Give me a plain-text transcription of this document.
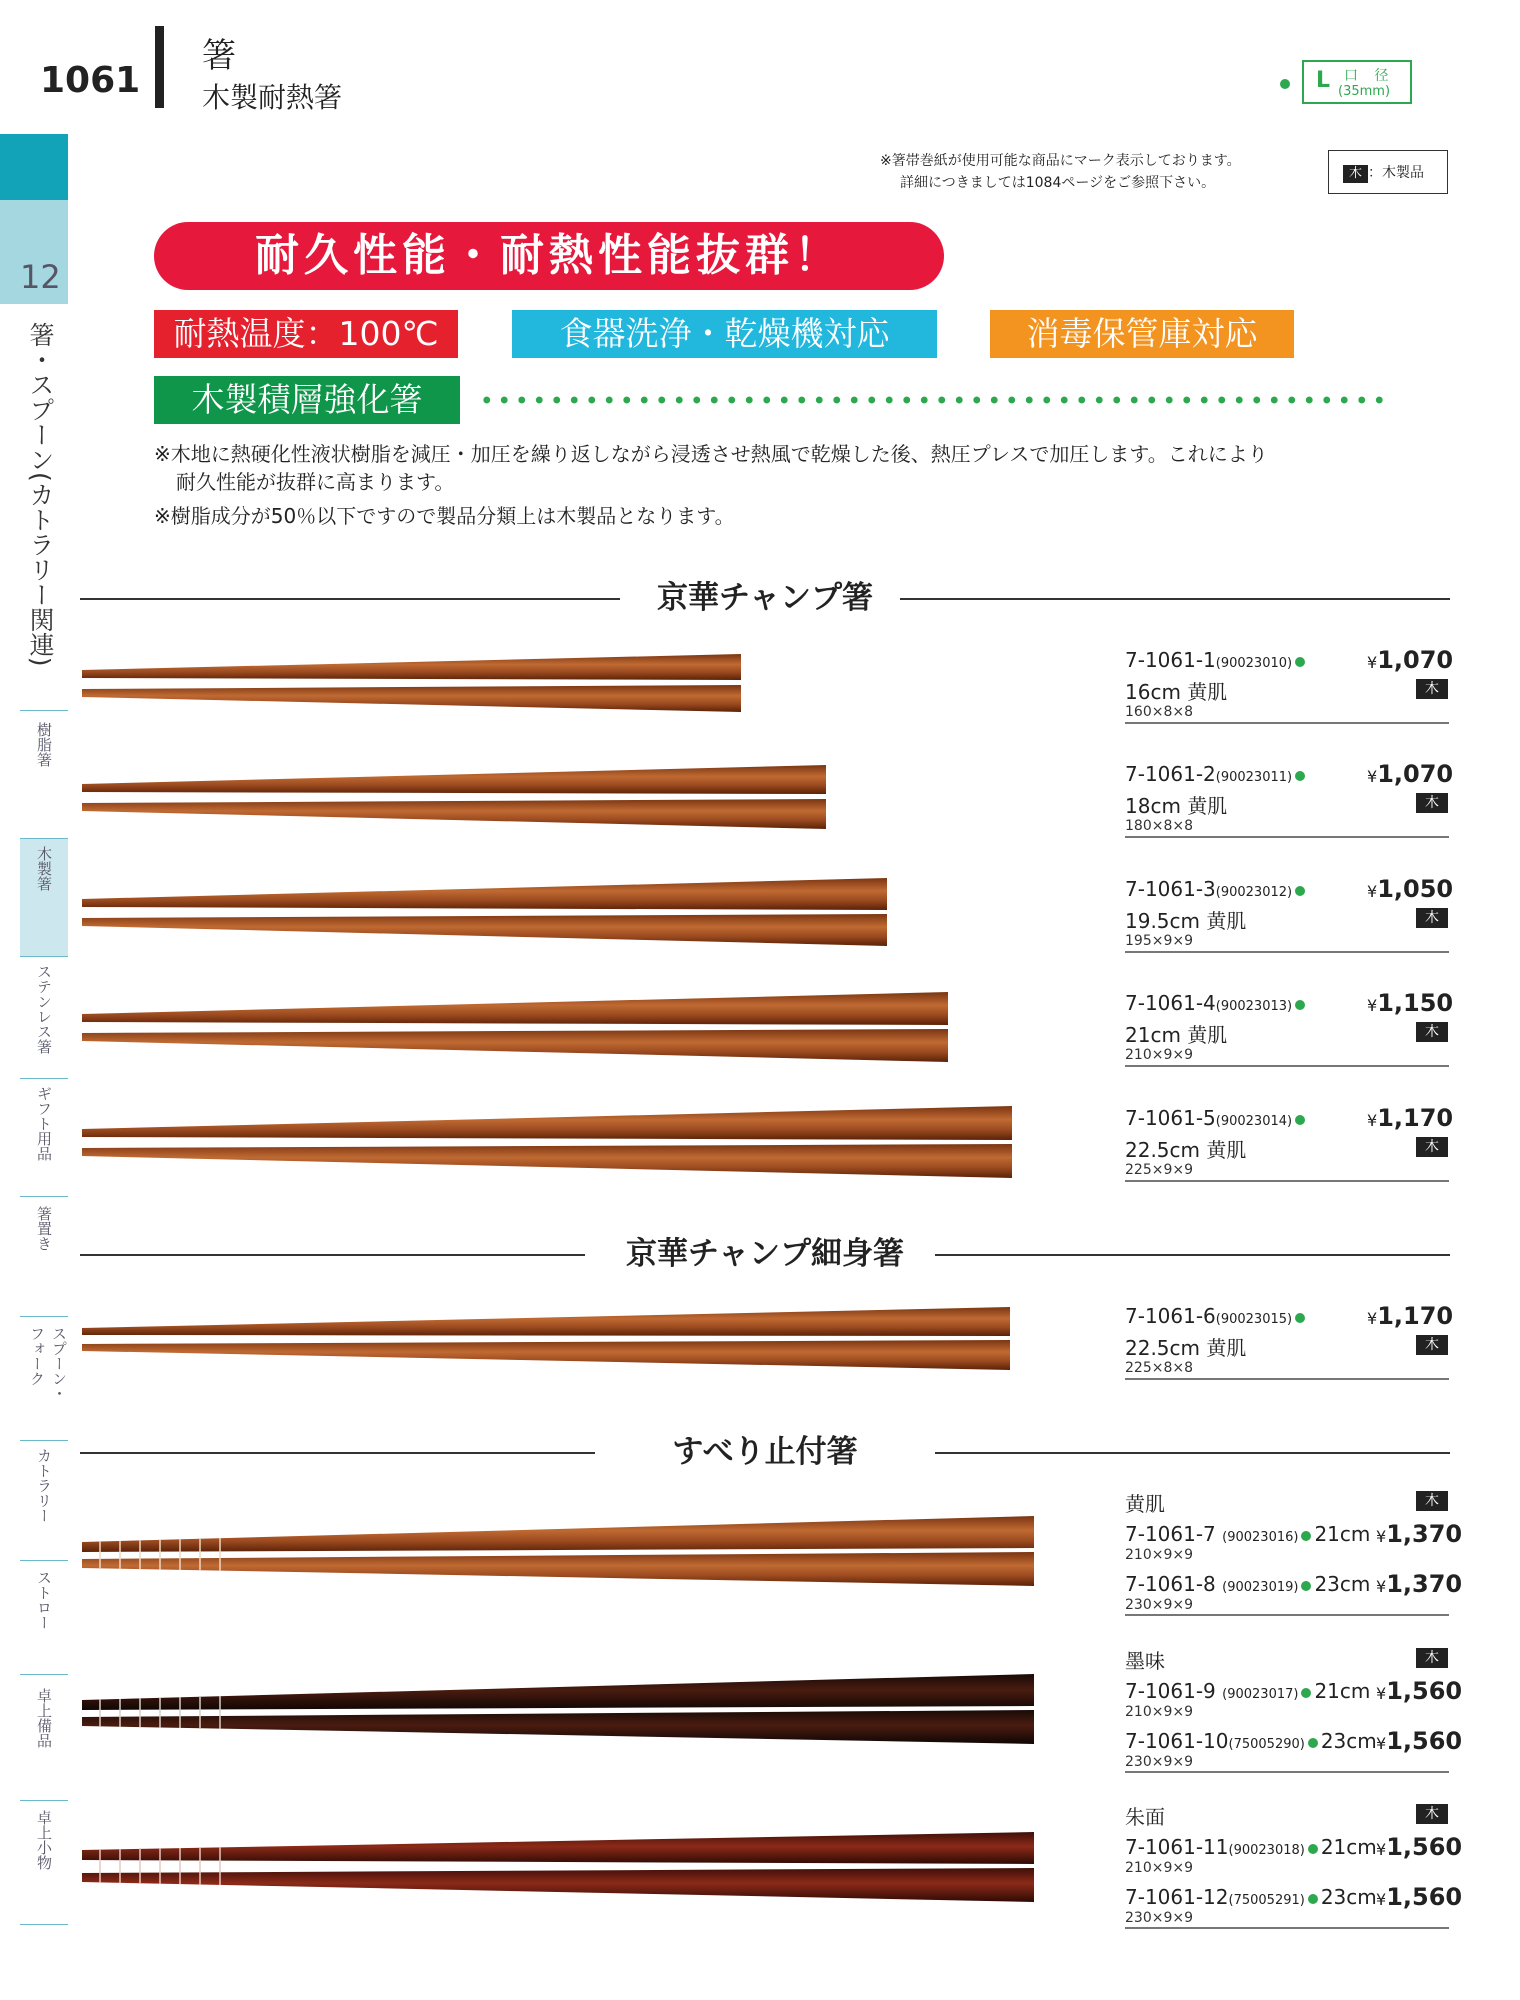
1061
箸
木製耐熱箸
L 口 径
(35mm)
※箸帯巻紙が使用可能な商品にマーク表示しております。
詳細につきましては1084ページをご参照下さい。
木 ：木製品
12
箸・スプーン(カトラリー関連)
樹脂箸
木製箸
ステンレス箸
ギフト用品
箸置き
スプーン・フォーク
カトラリー
ストロー
卓上備品
卓上小物
耐久性能・耐熱性能抜群！
耐熱温度：100℃	食器洗浄・乾燥機対応	消毒保管庫対応
木製積層強化箸
※木地に熱硬化性液状樹脂を減圧・加圧を繰り返しながら浸透させ熱風で乾燥した後、熱圧プレスで加圧します。これにより
耐久性能が抜群に高まります。
※樹脂成分が50％以下ですので製品分類上は木製品となります。
京華チャンプ箸
7-1061-1(90023010)	¥1,070
16cm 黄肌	木
160×8×8
7-1061-2(90023011)	¥1,070
18cm 黄肌	木
180×8×8
7-1061-3(90023012)	¥1,050
19.5cm 黄肌	木
195×9×9
7-1061-4(90023013)	¥1,150
21cm 黄肌	木
210×9×9
7-1061-5(90023014)	¥1,170
22.5cm 黄肌	木
225×9×9
京華チャンプ細身箸
7-1061-6(90023015)	¥1,170
22.5cm 黄肌	木
225×8×8
すべり止付箸
黄肌	木
7-1061-7 (90023016) 21cm ¥1,370
210×9×9
7-1061-8 (90023019) 23cm ¥1,370
230×9×9
墨味	木
7-1061-9 (90023017) 21cm ¥1,560
210×9×9
7-1061-10(75005290) 23cm ¥1,560
230×9×9
朱面	木
7-1061-11(90023018) 21cm ¥1,560
210×9×9
7-1061-12(75005291) 23cm ¥1,560
230×9×9
